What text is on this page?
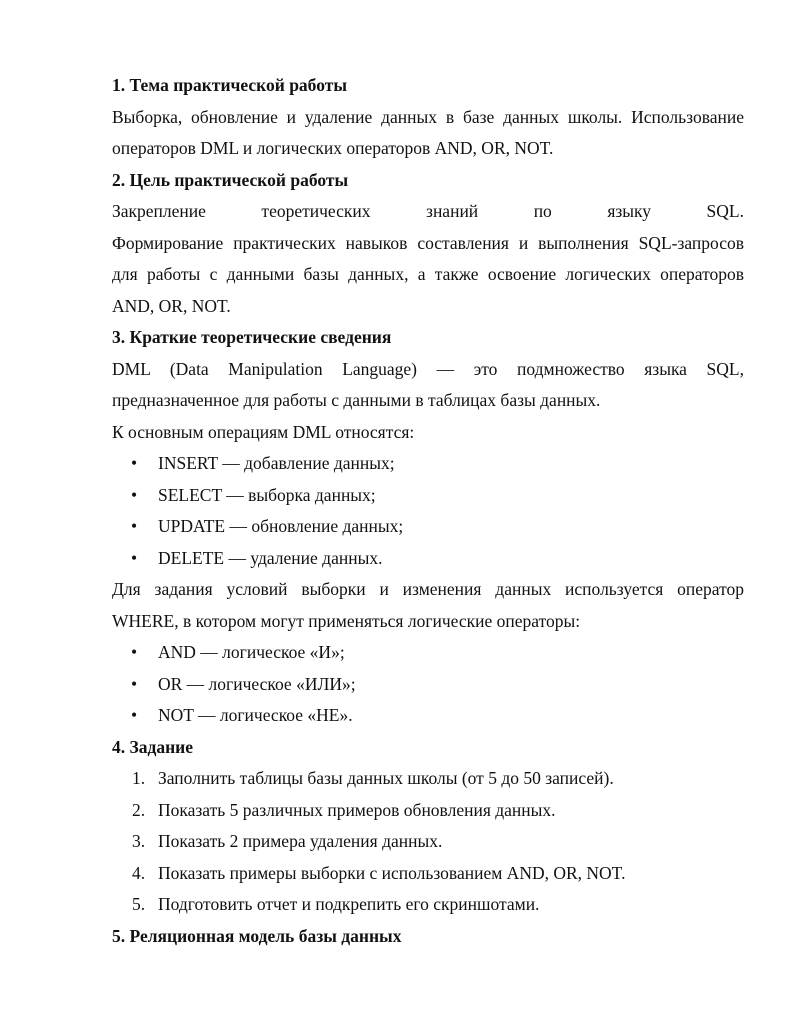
1. Тема практической работы
Выборка, обновление и удаление данных в базе данных школы. Использование
операторов DML и логических операторов AND, OR, NOT.
2. Цель практической работы
Закрепление теоретических знаний по языку SQL.
Формирование практических навыков составления и выполнения SQL-запросов
для работы с данными базы данных, а также освоение логических операторов
AND, OR, NOT.
3. Краткие теоретические сведения
DML (Data Manipulation Language) — это подмножество языка SQL,
предназначенное для работы с данными в таблицах базы данных.
К основным операциям DML относятся:
• INSERT — добавление данных;
• SELECT — выборка данных;
• UPDATE — обновление данных;
• DELETE — удаление данных.
Для задания условий выборки и изменения данных используется оператор
WHERE, в котором могут применяться логические операторы:
• AND — логическое «И»;
• OR — логическое «ИЛИ»;
• NOT — логическое «НЕ».
4. Задание
1. Заполнить таблицы базы данных школы (от 5 до 50 записей).
2. Показать 5 различных примеров обновления данных.
3. Показать 2 примера удаления данных.
4. Показать примеры выборки с использованием AND, OR, NOT.
5. Подготовить отчет и подкрепить его скриншотами.
5. Реляционная модель базы данных
